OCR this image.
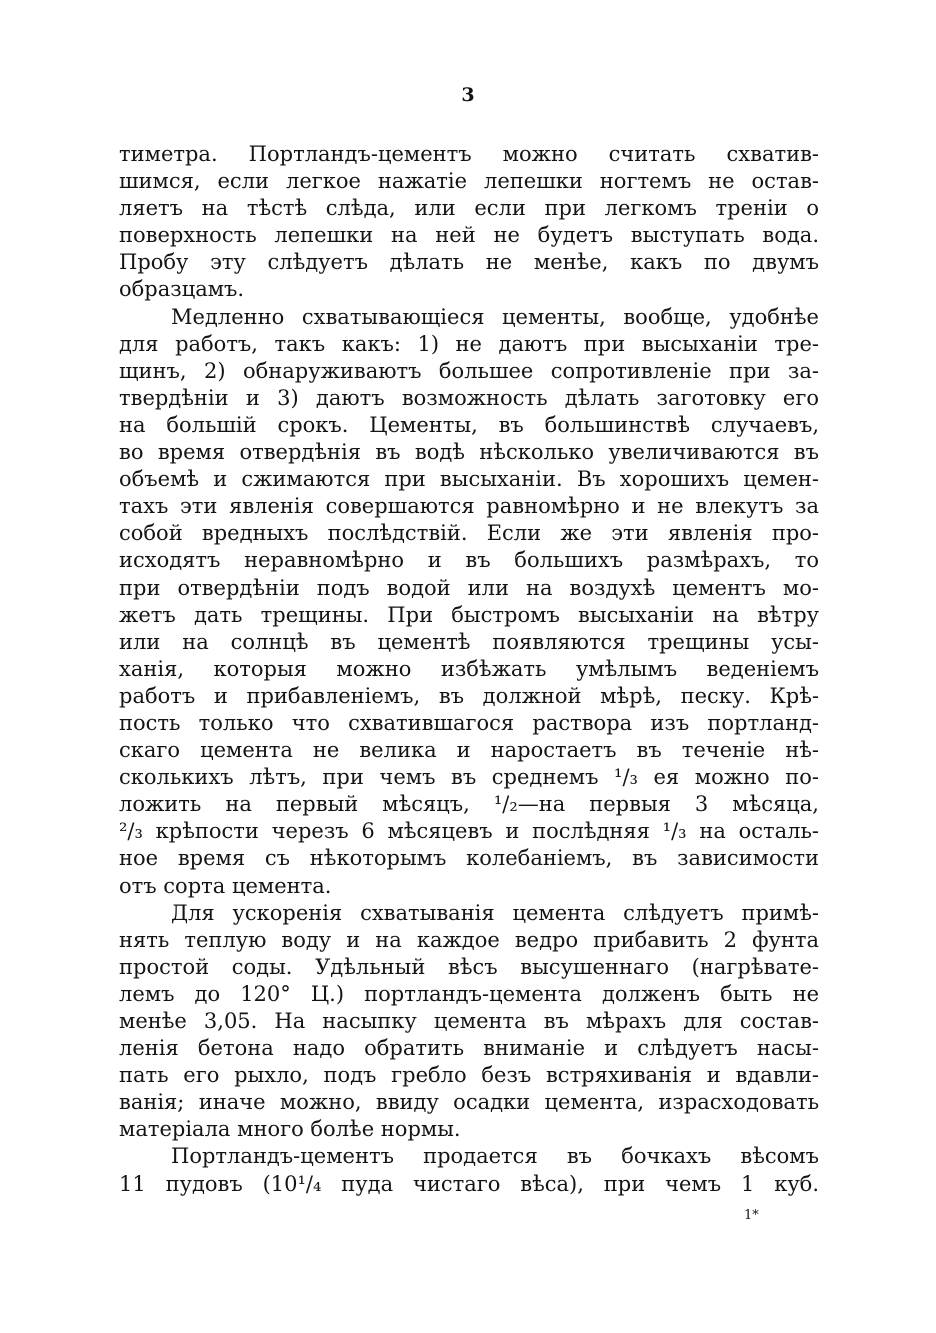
3
тиметра. Портландъ-цементъ можно считать схватив-
шимся, если легкое нажатіе лепешки ногтемъ не остав-
ляетъ на тѣстѣ слѣда, или если при легкомъ треніи о
поверхность лепешки на ней не будетъ выступать вода.
Пробу эту слѣдуетъ дѣлать не менѣе, какъ по двумъ
образцамъ.
Медленно схватывающіеся цементы, вообще, удобнѣе
для работъ, такъ какъ: 1) не даютъ при высыханіи тре-
щинъ, 2) обнаруживаютъ большее сопротивленіе при за-
твердѣніи и 3) даютъ возможность дѣлать заготовку его
на большій срокъ. Цементы, въ большинствѣ случаевъ,
во время отвердѣнія въ водѣ нѣсколько увеличиваются въ
объемѣ и сжимаются при высыханіи. Въ хорошихъ цемен-
тахъ эти явленія совершаются равномѣрно и не влекутъ за
собой вредныхъ послѣдствій. Если же эти явленія про-
исходятъ неравномѣрно и въ большихъ размѣрахъ, то
при отвердѣніи подъ водой или на воздухѣ цементъ мо-
жетъ дать трещины. При быстромъ высыханіи на вѣтру
или на солнцѣ въ цементѣ появляются трещины усы-
ханія, которыя можно избѣжать умѣлымъ веденіемъ
работъ и прибавленіемъ, въ должной мѣрѣ, песку. Крѣ-
пость только что схватившагося раствора изъ портланд-
скаго цемента не велика и наростаетъ въ теченіе нѣ-
сколькихъ лѣтъ, при чемъ въ среднемъ ¹/₃ ея можно по-
ложить на первый мѣсяцъ, ¹/₂—на первыя 3 мѣсяца,
²/₃ крѣпости черезъ 6 мѣсяцевъ и послѣдняя ¹/₃ на осталь-
ное время съ нѣкоторымъ колебаніемъ, въ зависимости
отъ сорта цемента.
Для ускоренія схватыванія цемента слѣдуетъ примѣ-
нять теплую воду и на каждое ведро прибавить 2 фунта
простой соды. Удѣльный вѣсъ высушеннаго (нагрѣвате-
лемъ до 120° Ц.) портландъ-цемента долженъ быть не
менѣе 3,05. На насыпку цемента въ мѣрахъ для состав-
ленія бетона надо обратить вниманіе и слѣдуетъ насы-
пать его рыхло, подъ гребло безъ встряхиванія и вдавли-
ванія; иначе можно, ввиду осадки цемента, израсходовать
матеріала много болѣе нормы.
Портландъ-цементъ продается въ бочкахъ вѣсомъ
11 пудовъ (10¹/₄ пуда чистаго вѣса), при чемъ 1 куб.
1*
